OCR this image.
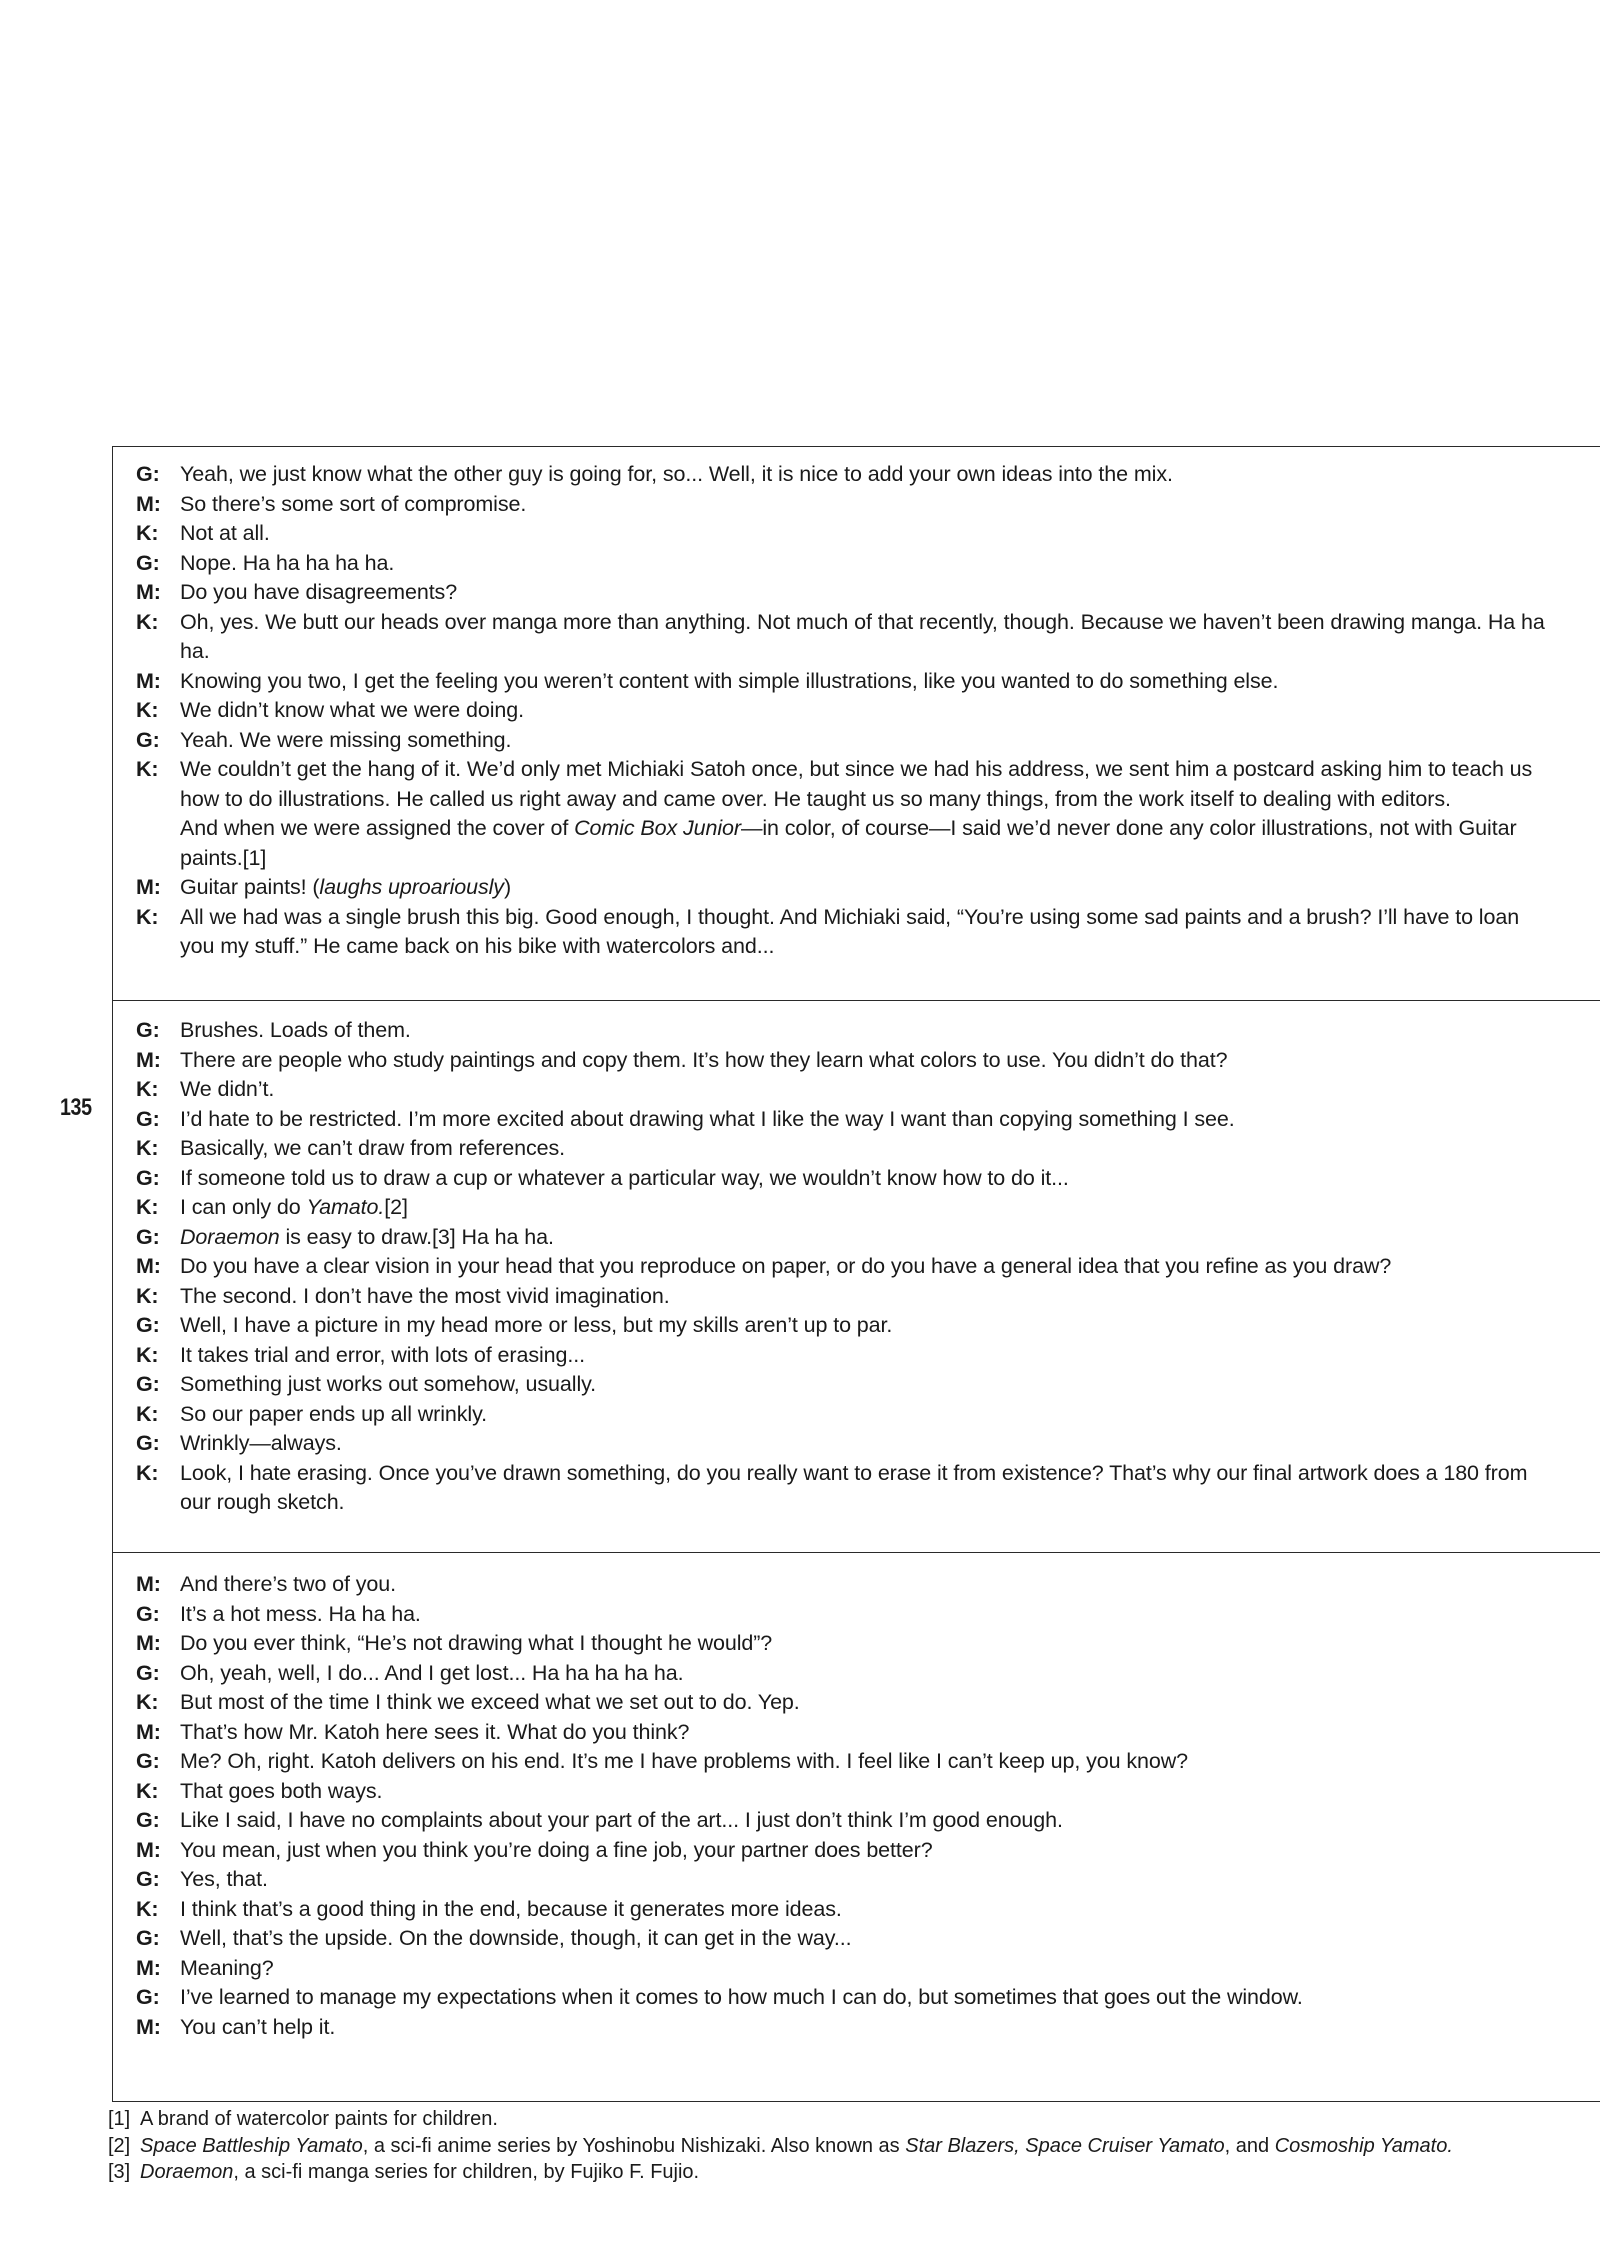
135
G: Yeah, we just know what the other guy is going for, so... Well, it is nice to add your own ideas into the mix.
M: So there’s some sort of compromise.
K:	Not at all.
G: Nope. Ha ha ha ha ha.
M: Do you have disagreements?
K:	Oh, yes. We butt our heads over manga more than anything. Not much of that recently, though. Because we haven’t been drawing manga. Ha ha ha.
M: Knowing you two, I get the feeling you weren’t content with simple illustrations, like you wanted to do something else.
K:	We didn’t know what we were doing.
G: Yeah. We were missing something.
K:	We couldn’t get the hang of it. We’d only met Michiaki Satoh once, but since we had his address, we sent him a postcard asking him to teach us how to do illustrations. He called us right away and came over. He taught us so many things, from the work itself to dealing with editors.
And when we were assigned the cover of Comic Box Junior—in color, of course—I said we’d never done any color illustrations, not with Guitar paints.[1]
M: Guitar paints! (laughs uproariously)
K:	All we had was a single brush this big. Good enough, I thought. And Michiaki said, “You’re using some sad paints and a brush? I’ll have to loan you my stuff.” He came back on his bike with watercolors and...
G: Brushes. Loads of them.
M: There are people who study paintings and copy them. It’s how they learn what colors to use. You didn’t do that?
K:	We didn’t.
G: I’d hate to be restricted. I’m more excited about drawing what I like the way I want than copying something I see.
K:	Basically, we can’t draw from references.
G: If someone told us to draw a cup or whatever a particular way, we wouldn’t know how to do it...
K:	I can only do Yamato.[2]
G: Doraemon is easy to draw.[3] Ha ha ha.
M: Do you have a clear vision in your head that you reproduce on paper, or do you have a general idea that you refine as you draw?
K:	The second. I don’t have the most vivid imagination.
G: Well, I have a picture in my head more or less, but my skills aren’t up to par.
K:	It takes trial and error, with lots of erasing...
G: Something just works out somehow, usually.
K:	So our paper ends up all wrinkly.
G: Wrinkly—always.
K:	Look, I hate erasing. Once you’ve drawn something, do you really want to erase it from existence? That’s why our final artwork does a 180 from our rough sketch.
M: And there’s two of you.
G: It’s a hot mess. Ha ha ha.
M: Do you ever think, “He’s not drawing what I thought he would”?
G: Oh, yeah, well, I do... And I get lost... Ha ha ha ha ha.
K:	But most of the time I think we exceed what we set out to do. Yep.
M: That’s how Mr. Katoh here sees it. What do you think?
G: Me? Oh, right. Katoh delivers on his end. It’s me I have problems with. I feel like I can’t keep up, you know?
K:	That goes both ways.
G: Like I said, I have no complaints about your part of the art... I just don’t think I’m good enough.
M: You mean, just when you think you’re doing a fine job, your partner does better?
G: Yes, that.
K:	I think that’s a good thing in the end, because it generates more ideas.
G: Well, that’s the upside. On the downside, though, it can get in the way...
M: Meaning?
G: I’ve learned to manage my expectations when it comes to how much I can do, but sometimes that goes out the window.
M: You can’t help it.
[1] A brand of watercolor paints for children.
[2] Space Battleship Yamato, a sci-fi anime series by Yoshinobu Nishizaki. Also known as Star Blazers, Space Cruiser Yamato, and Cosmoship Yamato.
[3] Doraemon, a sci-fi manga series for children, by Fujiko F. Fujio.
